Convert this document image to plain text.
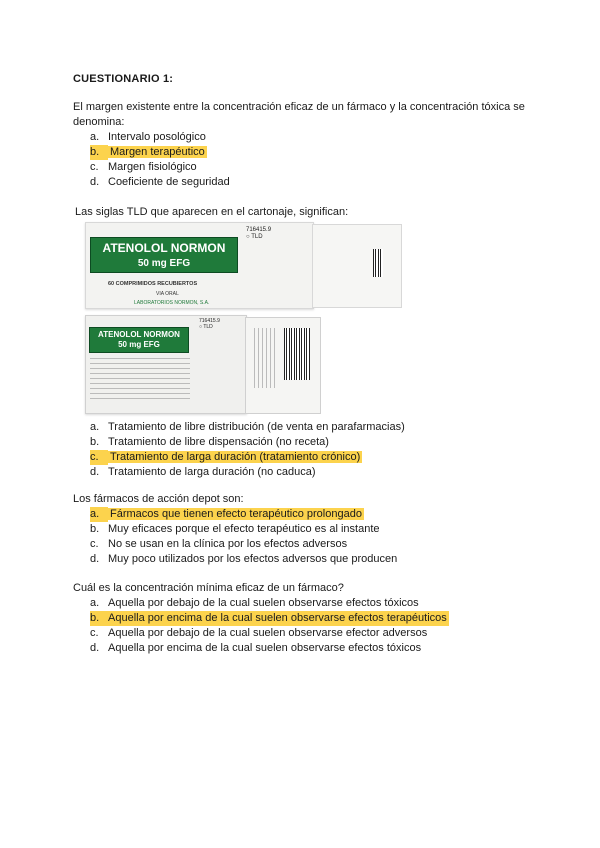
CUESTIONARIO 1:
El margen existente entre la concentración eficaz de un fármaco y la concentración tóxica se denomina:
a. Intervalo posológico
b. Margen terapéutico
c. Margen fisiológico
d. Coeficiente de seguridad
Las siglas TLD que aparecen en el cartonaje, significan:
716415.9
○ TLD
ATENOLOL NORMON
50 mg EFG
60 COMPRIMIDOS RECUBIERTOS
VIA ORAL
LABORATORIOS NORMON, S.A.
716415.9
○ TLD
ATENOLOL NORMON
50 mg EFG
a. Tratamiento de libre distribución (de venta en parafarmacias)
b. Tratamiento de libre dispensación (no receta)
c. Tratamiento de larga duración (tratamiento crónico)
d. Tratamiento de larga duración (no caduca)
Los fármacos de acción depot son:
a. Fármacos que tienen efecto terapéutico prolongado
b. Muy eficaces porque el efecto terapéutico es al instante
c. No se usan en la clínica por los efectos adversos
d. Muy poco utilizados por los efectos adversos que producen
Cuál es la concentración mínima eficaz de un fármaco?
a. Aquella por debajo de la cual suelen observarse efectos tóxicos
b. Aquella por encima de la cual suelen observarse efectos terapéuticos
c. Aquella por debajo de la cual suelen observarse efector adversos
d. Aquella por encima de la cual suelen observarse efectos tóxicos
